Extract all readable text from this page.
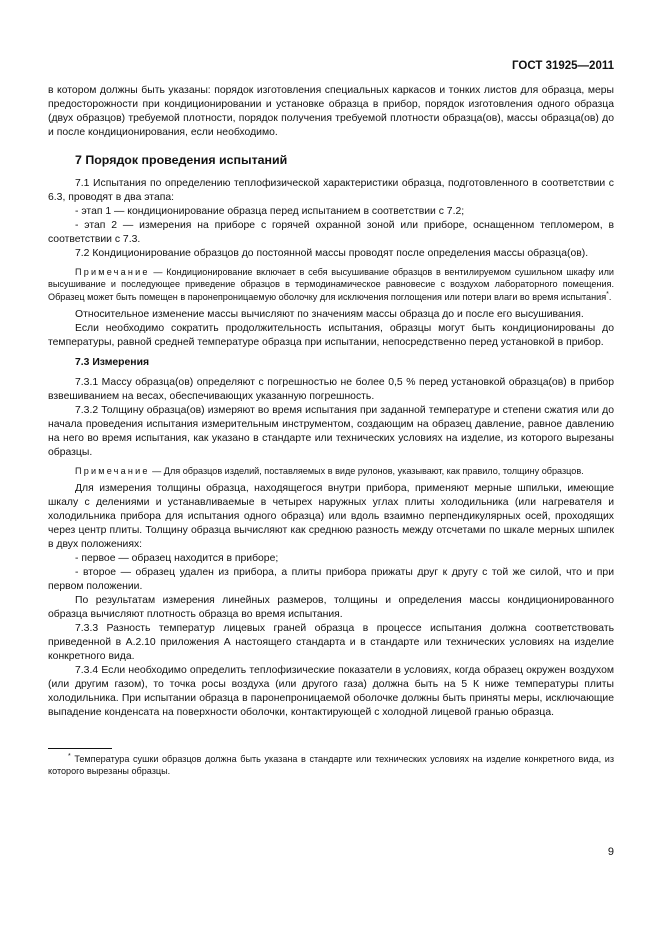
ГОСТ 31925—2011

в котором должны быть указаны: порядок изготовления специальных каркасов и тонких листов для образца, меры предосторожности при кондиционировании и установке образца в прибор, порядок изготовления одного образца (двух образцов) требуемой плотности, порядок получения требуемой плотности образца(ов), массы образца(ов) до и после кондиционирования, если необходимо.

7 Порядок проведения испытаний

7.1 Испытания по определению теплофизической характеристики образца, подготовленного в соответствии с 6.3, проводят в два этапа:

- этап 1 — кондиционирование образца перед испытанием в соответствии с 7.2;

- этап 2 — измерения на приборе с горячей охранной зоной или приборе, оснащенном тепломером, в соответствии с 7.3.

7.2 Кондиционирование образцов до постоянной массы проводят после определения массы образца(ов).

Примечание — Кондиционирование включает в себя высушивание образцов в вентилируемом сушильном шкафу или высушивание и последующее приведение образцов в термодинамическое равновесие с воздухом лабораторного помещения. Образец может быть помещен в паронепроницаемую оболочку для исключения поглощения или потери влаги во время испытания*.

Относительное изменение массы вычисляют по значениям массы образца до и после его высушивания.

Если необходимо сократить продолжительность испытания, образцы могут быть кондиционированы до температуры, равной средней температуре образца при испытании, непосредственно перед установкой в прибор.

7.3 Измерения

7.3.1 Массу образца(ов) определяют с погрешностью не более 0,5 % перед установкой образца(ов) в прибор взвешиванием на весах, обеспечивающих указанную погрешность.

7.3.2 Толщину образца(ов) измеряют во время испытания при заданной температуре и степени сжатия или до начала проведения испытания измерительным инструментом, создающим на образец давление, равное давлению на него во время испытания, как указано в стандарте или технических условиях на изделие, из которого вырезаны образцы.

Примечание — Для образцов изделий, поставляемых в виде рулонов, указывают, как правило, толщину образцов.

Для измерения толщины образца, находящегося внутри прибора, применяют мерные шпильки, имеющие шкалу с делениями и устанавливаемые в четырех наружных углах плиты холодильника (или нагревателя и холодильника прибора для испытания одного образца) или вдоль взаимно перпендикулярных осей, проходящих через центр плиты. Толщину образца вычисляют как среднюю разность между отсчетами по шкале мерных шпилек в двух положениях:

- первое — образец находится в приборе;

- второе — образец удален из прибора, а плиты прибора прижаты друг к другу с той же силой, что и при первом положении.

По результатам измерения линейных размеров, толщины и определения массы кондиционированного образца вычисляют плотность образца во время испытания.

7.3.3 Разность температур лицевых граней образца в процессе испытания должна соответствовать приведенной в А.2.10 приложения А настоящего стандарта и в стандарте или технических условиях на изделие конкретного вида.

7.3.4 Если необходимо определить теплофизические показатели в условиях, когда образец окружен воздухом (или другим газом), то точка росы воздуха (или другого газа) должна быть на 5 К ниже температуры плиты холодильника. При испытании образца в паронепроницаемой оболочке должны быть приняты меры, исключающие выпадение конденсата на поверхности оболочки, контактирующей с холодной лицевой гранью образца.

* Температура сушки образцов должна быть указана в стандарте или технических условиях на изделие конкретного вида, из которого вырезаны образцы.

9
